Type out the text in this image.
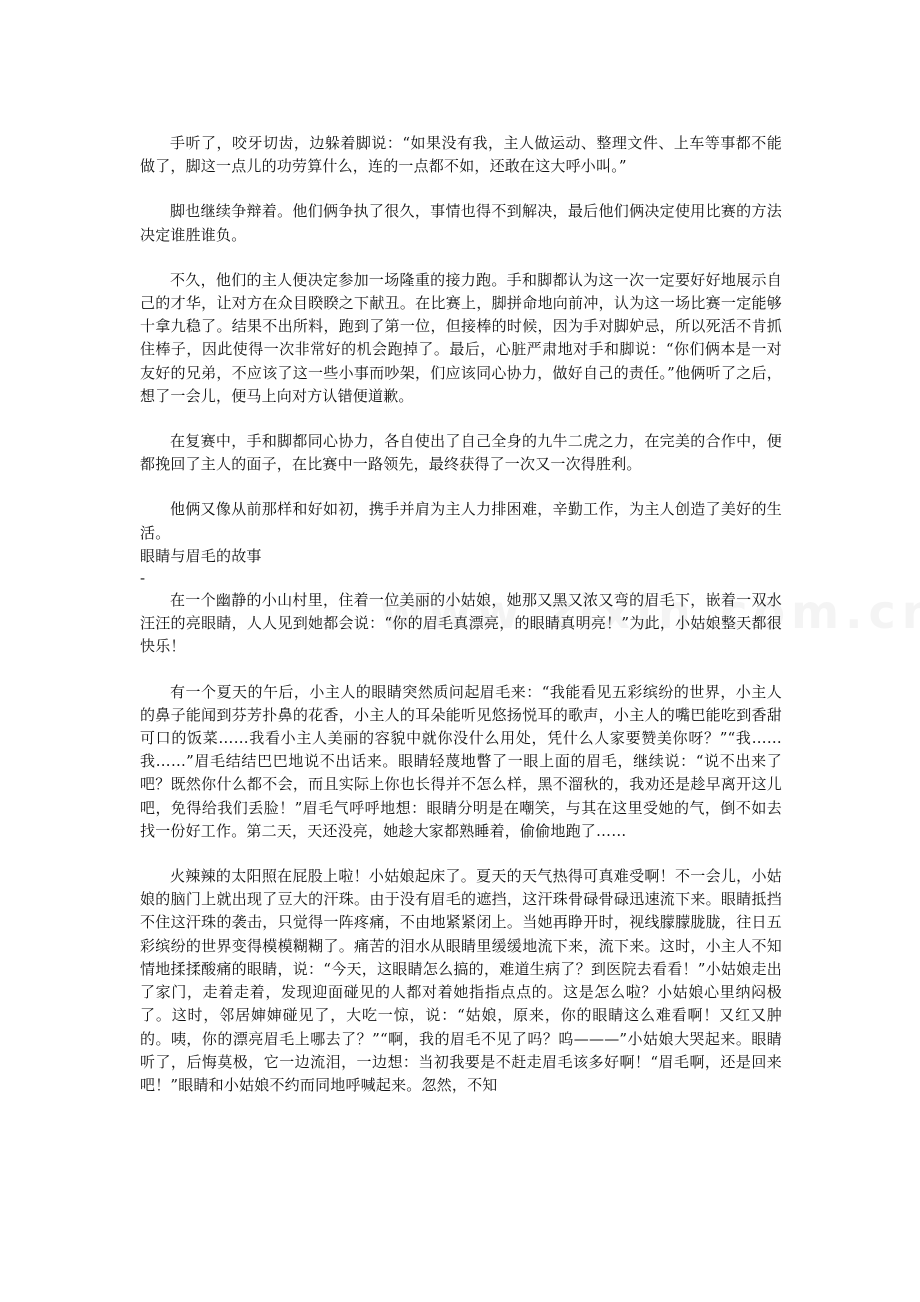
手听了，咬牙切齿，边躲着脚说：“如果没有我，主人做运动、整理文件、上车等事都不能做了，脚这一点儿的功劳算什么，连的一点都不如，还敢在这大呼小叫。”

脚也继续争辩着。他们俩争执了很久，事情也得不到解决，最后他们俩决定使用比赛的方法决定谁胜谁负。

不久，他们的主人便决定参加一场隆重的接力跑。手和脚都认为这一次一定要好好地展示自己的才华，让对方在众目睽睽之下献丑。在比赛上，脚拼命地向前冲，认为这一场比赛一定能够十拿九稳了。结果不出所料，跑到了第一位，但接棒的时候，因为手对脚妒忌，所以死活不肯抓住棒子，因此使得一次非常好的机会跑掉了。最后，心脏严肃地对手和脚说：“你们俩本是一对友好的兄弟，不应该了这一些小事而吵架，们应该同心协力，做好自己的责任。”他俩听了之后，想了一会儿，便马上向对方认错便道歉。

在复赛中，手和脚都同心协力，各自使出了自己全身的九牛二虎之力，在完美的合作中，便都挽回了主人的面子，在比赛中一路领先，最终获得了一次又一次得胜利。

他俩又像从前那样和好如初，携手并肩为主人力排困难，辛勤工作，为主人创造了美好的生活。

眼睛与眉毛的故事

-

在一个幽静的小山村里，住着一位美丽的小姑娘，她那又黑又浓又弯的眉毛下，嵌着一双水汪汪的亮眼睛，人人见到她都会说：“你的眉毛真漂亮，的眼睛真明亮！”为此，小姑娘整天都很快乐！

有一个夏天的午后，小主人的眼睛突然质问起眉毛来：“我能看见五彩缤纷的世界，小主人的鼻子能闻到芬芳扑鼻的花香，小主人的耳朵能听见悠扬悦耳的歌声，小主人的嘴巴能吃到香甜可口的饭菜……我看小主人美丽的容貌中就你没什么用处，凭什么人家要赞美你呀？”“我……我……”眉毛结结巴巴地说不出话来。眼睛轻蔑地瞥了一眼上面的眉毛，继续说：“说不出来了吧？既然你什么都不会，而且实际上你也长得并不怎么样，黑不溜秋的，我劝还是趁早离开这儿吧，免得给我们丢脸！”眉毛气呼呼地想：眼睛分明是在嘲笑，与其在这里受她的气，倒不如去找一份好工作。第二天，天还没亮，她趁大家都熟睡着，偷偷地跑了……

火辣辣的太阳照在屁股上啦！小姑娘起床了。夏天的天气热得可真难受啊！不一会儿，小姑娘的脑门上就出现了豆大的汗珠。由于没有眉毛的遮挡，这汗珠骨碌骨碌迅速流下来。眼睛抵挡不住这汗珠的袭击，只觉得一阵疼痛，不由地紧紧闭上。当她再睁开时，视线朦朦胧胧，往日五彩缤纷的世界变得模模糊糊了。痛苦的泪水从眼睛里缓缓地流下来，流下来。这时，小主人不知情地揉揉酸痛的眼睛，说：“今天，这眼睛怎么搞的，难道生病了？到医院去看看！”小姑娘走出了家门，走着走着，发现迎面碰见的人都对着她指指点点的。这是怎么啦？小姑娘心里纳闷极了。这时，邻居婶婶碰见了，大吃一惊，说：“姑娘，原来，你的眼睛这么难看啊！又红又肿的。咦，你的漂亮眉毛上哪去了？”“啊，我的眉毛不见了吗？呜———”小姑娘大哭起来。眼睛听了，后悔莫极，它一边流泪，一边想：当初我要是不赶走眉毛该多好啊！“眉毛啊，还是回来吧！”眼睛和小姑娘不约而同地呼喊起来。忽然，不知
